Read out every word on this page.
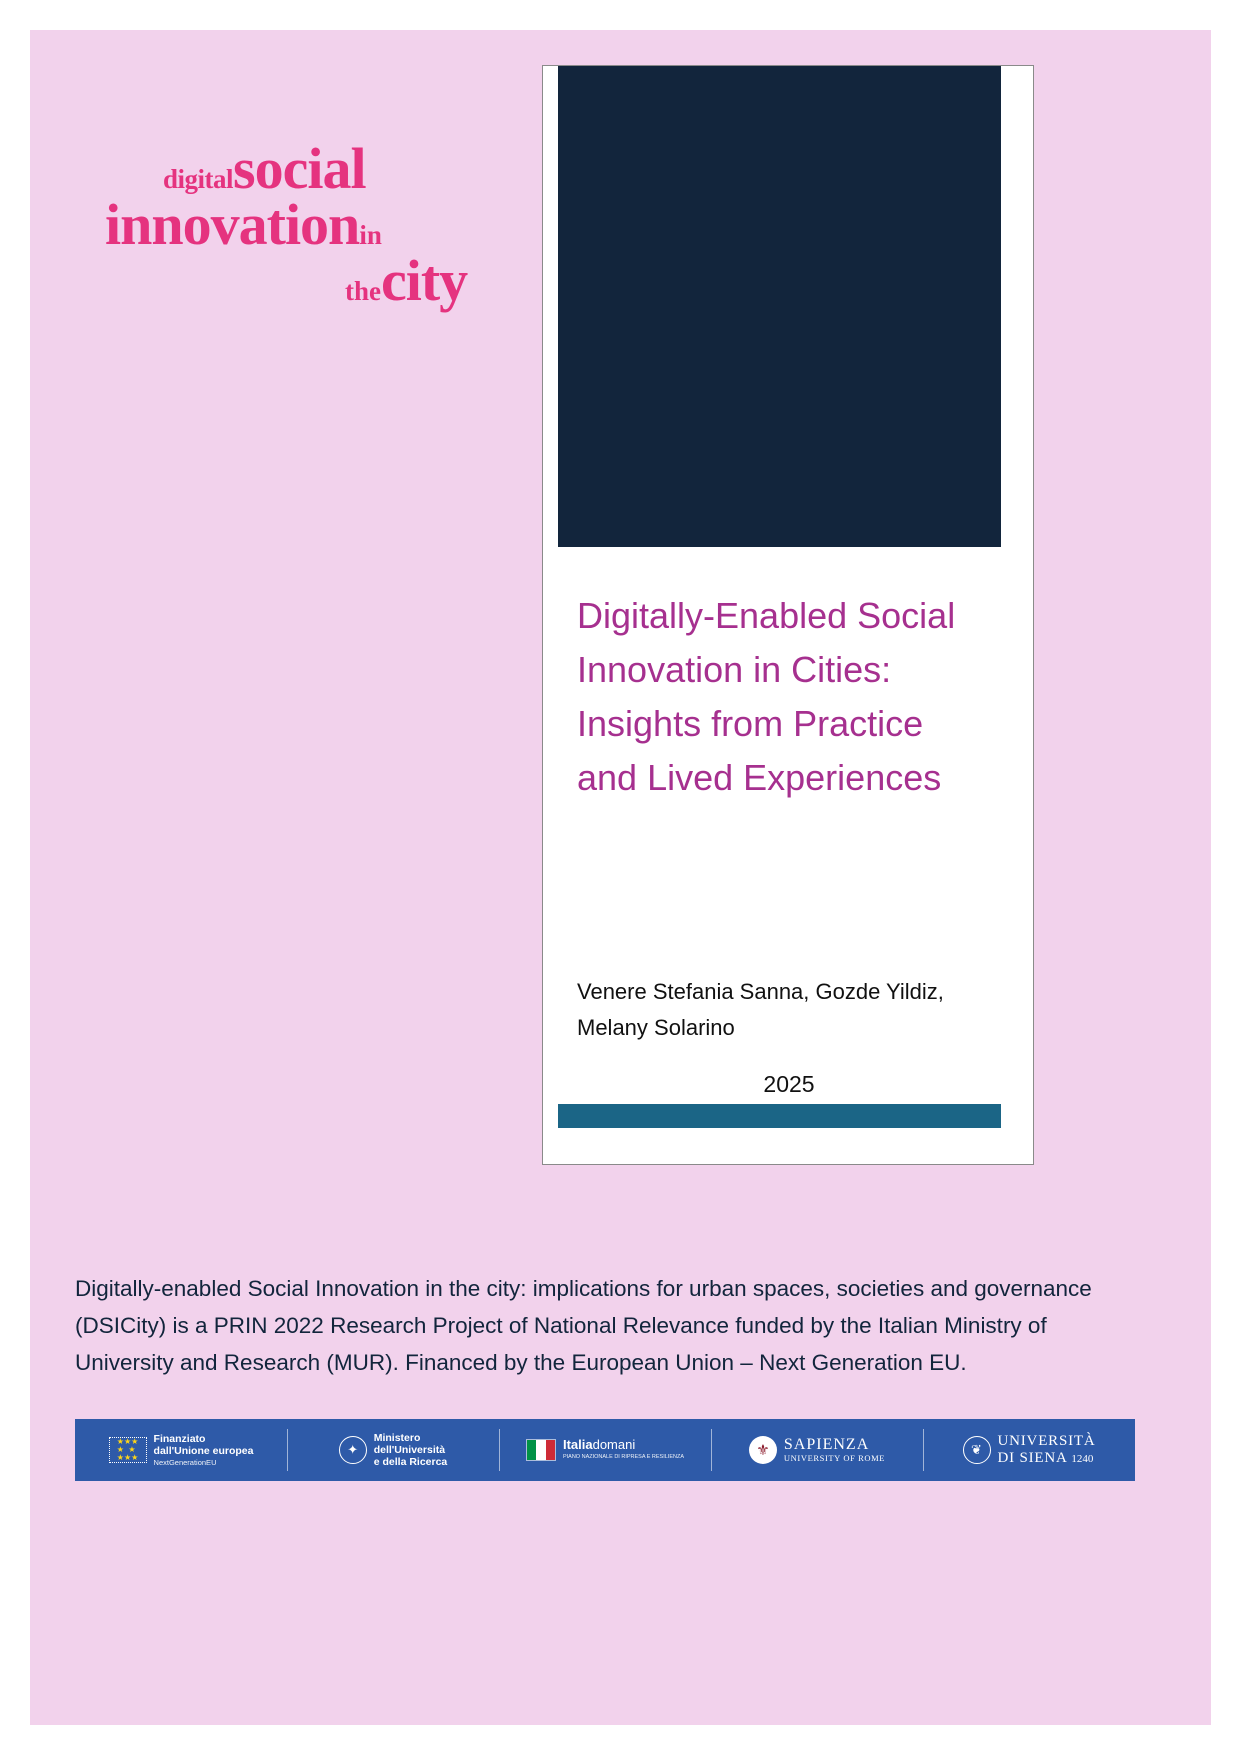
digitalsocial
innovationin
thecity
Digitally-Enabled Social Innovation in Cities: Insights from Practice and Lived Experiences
Venere Stefania Sanna, Gozde Yildiz, Melany Solarino
2025
Digitally-enabled Social Innovation in the city: implications for urban spaces, societies and governance (DSICity) is a PRIN 2022 Research Project of National Relevance funded by the Italian Ministry of University and Research (MUR). Financed by the European Union – Next Generation EU.
★★★
★  ★
★★★
Finanziato
dall'Unione europea
NextGenerationEU
✦
Ministero
dell'Università
e della Ricerca
Italiadomani
PIANO NAZIONALE DI RIPRESA E RESILIENZA	⚜ SAPIENZA
UNIVERSITY OF ROME
❦
UNIVERSITÀ
DI SIENA 1240
